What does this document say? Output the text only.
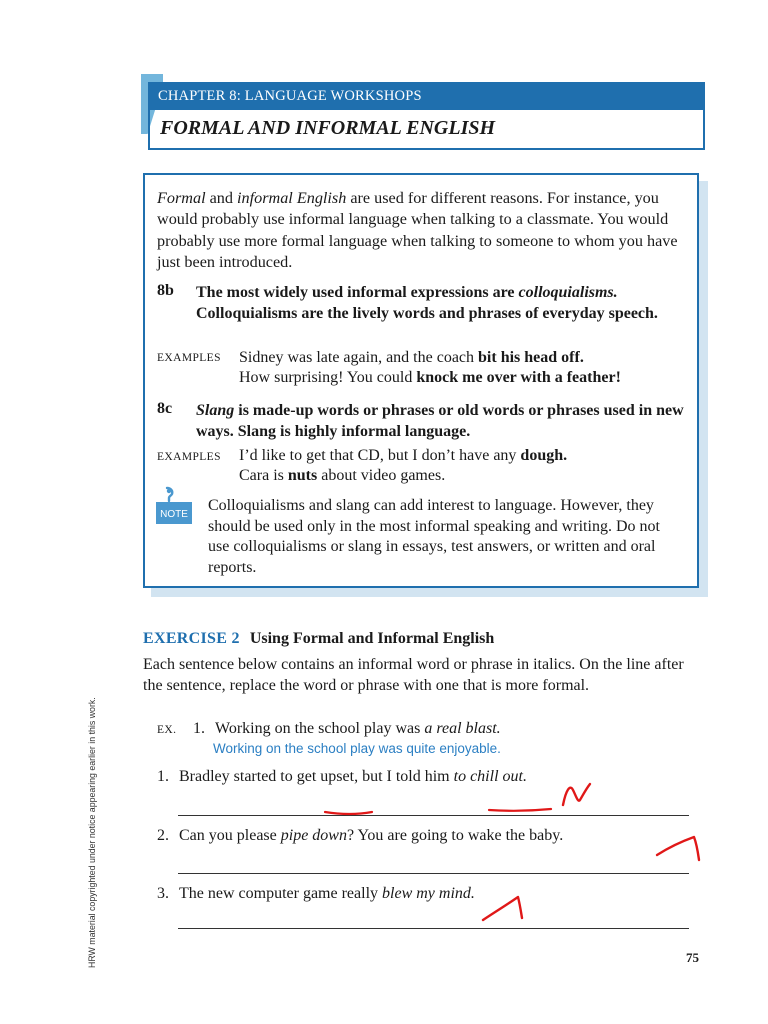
CHAPTER 8: LANGUAGE WORKSHOPS
FORMAL AND INFORMAL ENGLISH

Formal and informal English are used for different reasons. For instance, you would probably use informal language when talking to a classmate. You would probably use more formal language when talking to someone to whom you have just been introduced.

8b The most widely used informal expressions are colloquialisms. Colloquialisms are the lively words and phrases of everyday speech.

EXAMPLES Sidney was late again, and the coach bit his head off.
How surprising! You could knock me over with a feather!
8c Slang is made-up words or phrases or old words or phrases used in new ways. Slang is highly informal language.

EXAMPLES I’d like to get that CD, but I don’t have any dough.
Cara is nuts about video games.
NOTE

Colloquialisms and slang can add interest to language. However, they should be used only in the most informal speaking and writing. Do not use colloquialisms or slang in essays, test answers, or written and oral reports.

EXERCISE 2 Using Formal and Informal English

Each sentence below contains an informal word or phrase in italics. On the line after the sentence, replace the word or phrase with one that is more formal.

EX. 1. Working on the school play was a real blast.
Working on the school play was quite enjoyable.
1. Bradley started to get upset, but I told him to chill out.
2. Can you please pipe down? You are going to wake the baby.
3. The new computer game really blew my mind.
HRW material copyrighted under notice appearing earlier in this work.	75
